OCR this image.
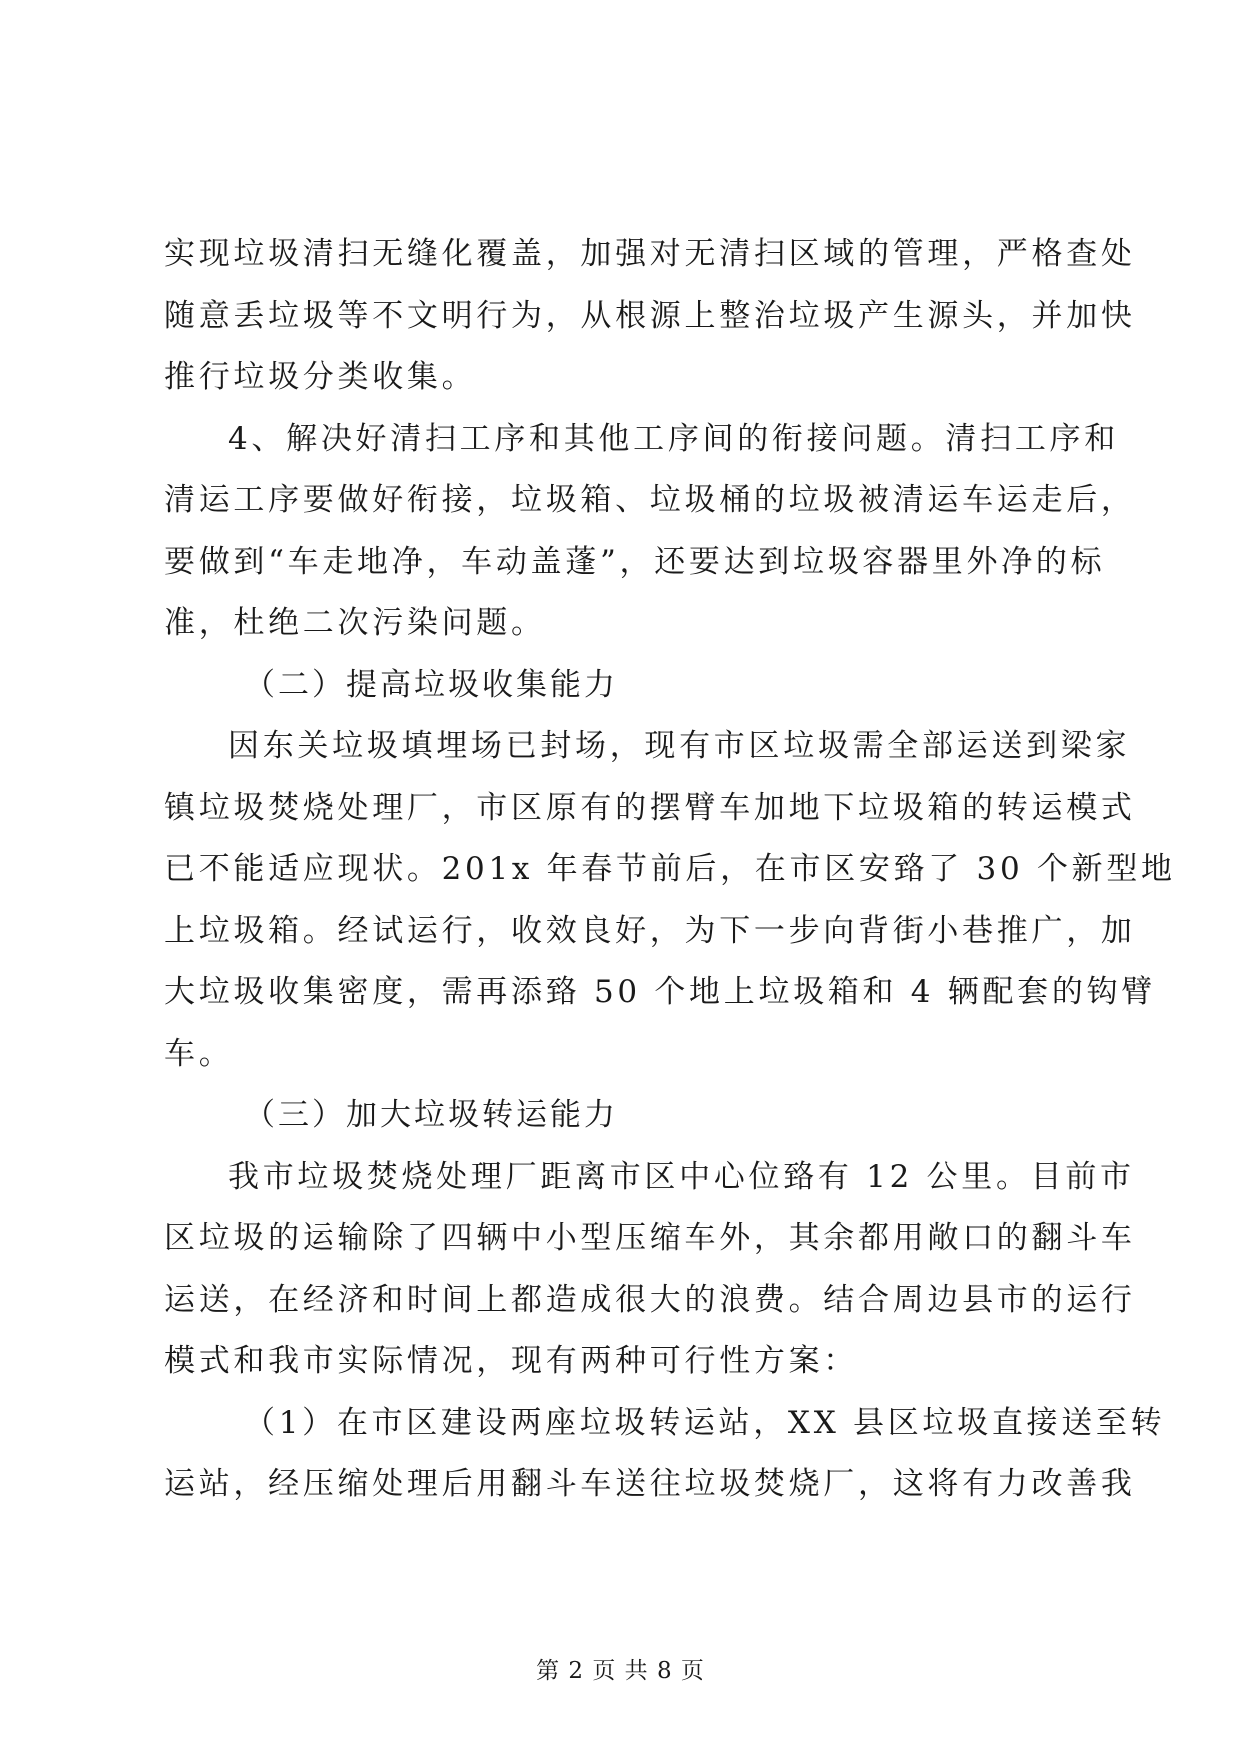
实现垃圾清扫无缝化覆盖，加强对无清扫区域的管理，严格查处

随意丢垃圾等不文明行为，从根源上整治垃圾产生源头，并加快

推行垃圾分类收集。

4、解决好清扫工序和其他工序间的衔接问题。清扫工序和

清运工序要做好衔接，垃圾箱、垃圾桶的垃圾被清运车运走后，

要做到“车走地净，车动盖蓬”，还要达到垃圾容器里外净的标

准，杜绝二次污染问题。

（二）提高垃圾收集能力

因东关垃圾填埋场已封场，现有市区垃圾需全部运送到梁家

镇垃圾焚烧处理厂，市区原有的摆臂车加地下垃圾箱的转运模式

已不能适应现状。201x 年春节前后，在市区安臵了 30 个新型地

上垃圾箱。经试运行，收效良好，为下一步向背街小巷推广，加

大垃圾收集密度，需再添臵 50 个地上垃圾箱和 4 辆配套的钩臂

车。

（三）加大垃圾转运能力

我市垃圾焚烧处理厂距离市区中心位臵有 12 公里。目前市

区垃圾的运输除了四辆中小型压缩车外，其余都用敞口的翻斗车

运送，在经济和时间上都造成很大的浪费。结合周边县市的运行

模式和我市实际情况，现有两种可行性方案：

（1）在市区建设两座垃圾转运站，XX 县区垃圾直接送至转

运站，经压缩处理后用翻斗车送往垃圾焚烧厂，这将有力改善我

第 2 页 共 8 页
